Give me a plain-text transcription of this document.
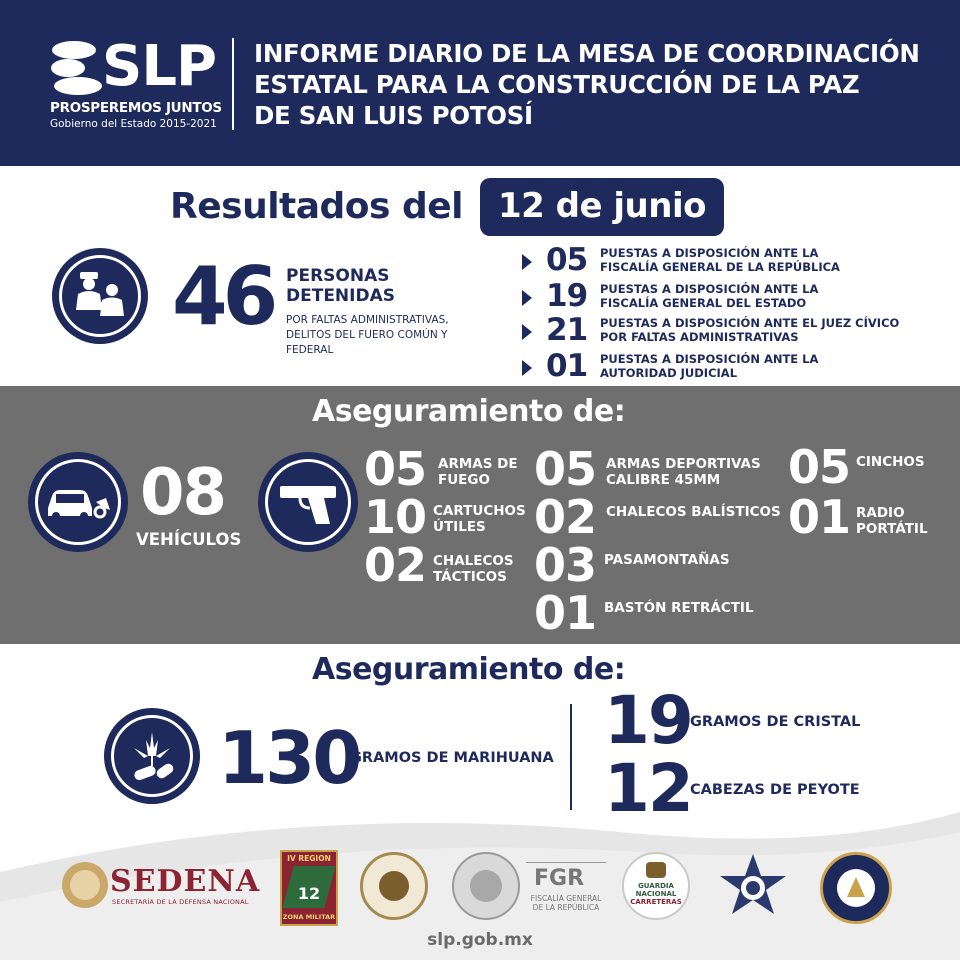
SLP
PROSPEREMOS JUNTOS
Gobierno del Estado 2015-2021
INFORME DIARIO DE LA MESA DE COORDINACIÓN
ESTATAL PARA LA CONSTRUCCIÓN DE LA PAZ
DE SAN LUIS POTOSÍ
Resultados del	12 de junio
46 PERSONAS
DETENIDAS
POR FALTAS ADMINISTRATIVAS,
DELITOS DEL FUERO COMÚN Y
FEDERAL
05 PUESTAS A DISPOSICIÓN ANTE LA
FISCALÍA GENERAL DE LA REPÚBLICA
19 PUESTAS A DISPOSICIÓN ANTE LA
FISCALÍA GENERAL DEL ESTADO
21 PUESTAS A DISPOSICIÓN ANTE EL JUEZ CÍVICO
POR FALTAS ADMINISTRATIVAS
01 PUESTAS A DISPOSICIÓN ANTE LA
AUTORIDAD JUDICIAL
Aseguramiento de:
08
VEHÍCULOS
05 ARMAS DE
FUEGO
10 CARTUCHOS
ÚTILES
02 CHALECOS
TÁCTICOS
05 ARMAS DEPORTIVAS
CALIBRE 45MM
02 CHALECOS BALÍSTICOS
03 PASAMONTAÑAS
01 BASTÓN RETRÁCTIL
05 CINCHOS
01 RADIO
PORTÁTIL
Aseguramiento de:
130
GRAMOS DE MARIHUANA 19
GRAMOS DE CRISTAL
12
CABEZAS DE PEYOTE
SEDENA
SECRETARÍA DE LA DEFENSA NACIONAL
IV REGION
12
ZONA MILITAR
FGR
FISCALÍA GENERAL
DE LA REPÚBLICA
GUARDIA
NACIONAL
CARRETERAS
slp.gob.mx
